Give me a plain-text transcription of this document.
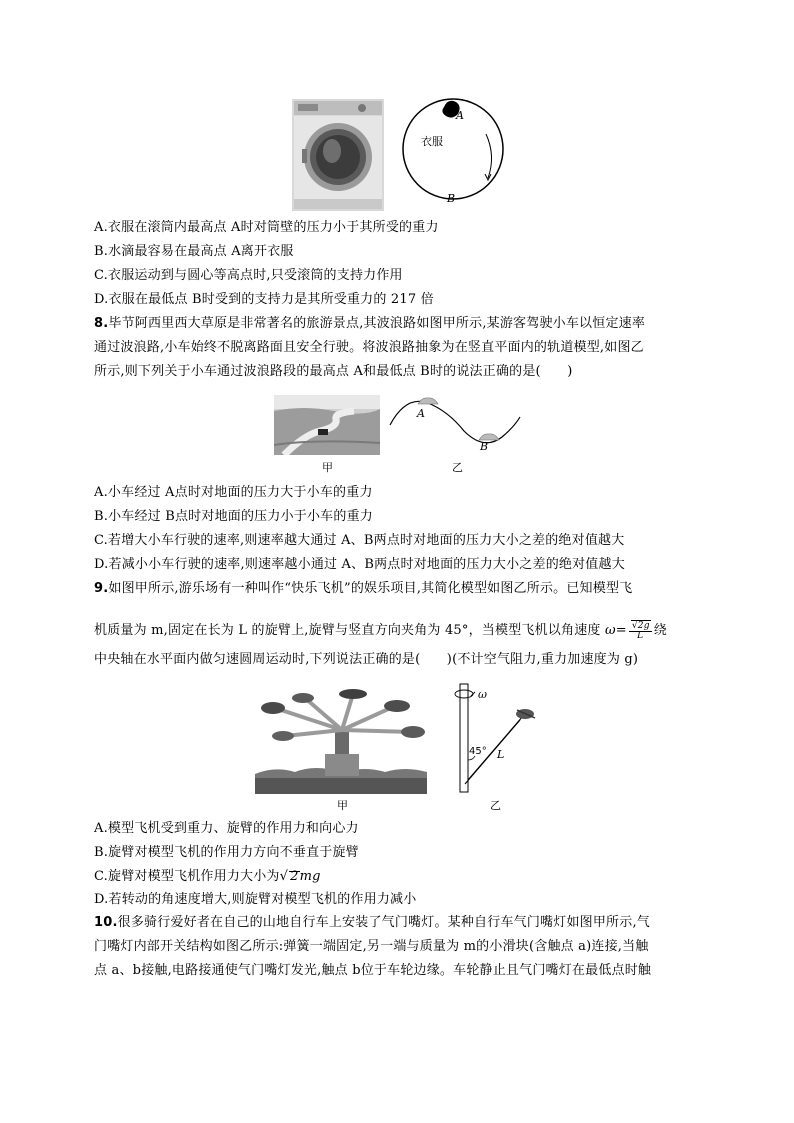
A
衣服
B
A.衣服在滚筒内最高点 A时对筒壁的压力小于其所受的重力
B.水滴最容易在最高点 A离开衣服
C.衣服运动到与圆心等高点时,只受滚筒的支持力作用
D.衣服在最低点 B时受到的支持力是其所受重力的 217 倍
8.毕节阿西里西大草原是非常著名的旅游景点,其波浪路如图甲所示,某游客驾驶小车以恒定速率
通过波浪路,小车始终不脱离路面且安全行驶。将波浪路抽象为在竖直平面内的轨道模型,如图乙
所示,则下列关于小车通过波浪路段的最高点 A和最低点 B时的说法正确的是(　　)
甲
A
B
乙
A.小车经过 A点时对地面的压力大于小车的重力
B.小车经过 B点时对地面的压力小于小车的重力
C.若增大小车行驶的速率,则速率越大通过 A、B两点时对地面的压力大小之差的绝对值越大
D.若减小小车行驶的速率,则速率越小通过 A、B两点时对地面的压力大小之差的绝对值越大
9.如图甲所示,游乐场有一种叫作“快乐飞机”的娱乐项目,其简化模型如图乙所示。已知模型飞
机质量为 m,固定在长为 L 的旋臂上,旋臂与竖直方向夹角为 45°，当模型飞机以角速度 $\omega= \frac{√2g}{L}$ 绕
中央轴在水平面内做匀速圆周运动时,下列说法正确的是(　　)(不计空气阻力,重力加速度为 g)
甲
ω
45° L
乙
A.模型飞机受到重力、旋臂的作用力和向心力
B.旋臂对模型飞机的作用力方向不垂直于旋臂
C.旋臂对模型飞机作用力大小为√ 2mg
D.若转动的角速度增大,则旋臂对模型飞机的作用力减小
10.很多骑行爱好者在自己的山地自行车上安装了气门嘴灯。某种自行车气门嘴灯如图甲所示,气
门嘴灯内部开关结构如图乙所示:弹簧一端固定,另一端与质量为 m的小滑块(含触点 a)连接,当触
点 a、b接触,电路接通使气门嘴灯发光,触点 b位于车轮边缘。车轮静止且气门嘴灯在最低点时触
